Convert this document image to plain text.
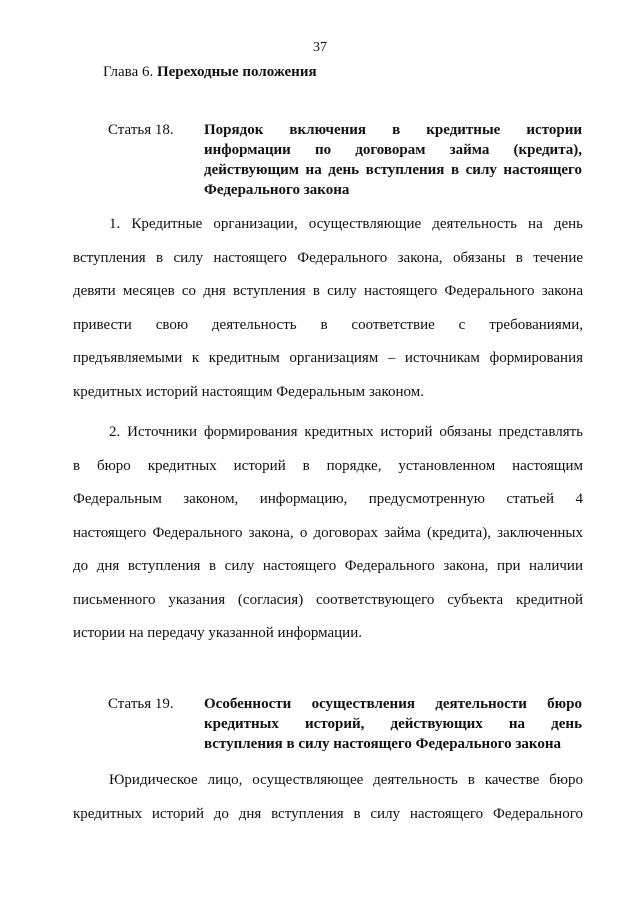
37
Глава 6. Переходные положения
Статья 18.	Порядок включения в кредитные истории
информации по договорам займа (кредита),
действующим на день вступления в силу настоящего
Федерального закона
1. Кредитные организации, осуществляющие деятельность на день
вступления в силу настоящего Федерального закона, обязаны в течение
девяти месяцев со дня вступления в силу настоящего Федерального закона
привести свою деятельность в соответствие с требованиями,
предъявляемыми к кредитным организациям – источникам формирования
кредитных историй настоящим Федеральным законом.
2. Источники формирования кредитных историй обязаны представлять
в бюро кредитных историй в порядке, установленном настоящим
Федеральным законом, информацию, предусмотренную статьей 4
настоящего Федерального закона, о договорах займа (кредита), заключенных
до дня вступления в силу настоящего Федерального закона, при наличии
письменного указания (согласия) соответствующего субъекта кредитной
истории на передачу указанной информации.
Статья 19.	Особенности осуществления деятельности бюро
кредитных историй, действующих на день
вступления в силу настоящего Федерального закона
Юридическое лицо, осуществляющее деятельность в качестве бюро
кредитных историй до дня вступления в силу настоящего Федерального
